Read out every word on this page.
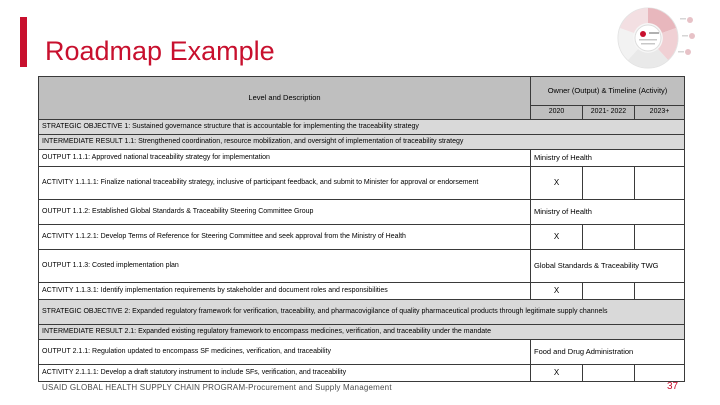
Roadmap Example
Level and Description	Owner (Output) & Timeline (Activity)		
	2020	2021- 2022	2023+
STRATEGIC OBJECTIVE 1: Sustained governance structure that is accountable for implementing the traceability strategy			
INTERMEDIATE RESULT 1.1: Strengthened coordination, resource mobilization, and oversight of implementation of traceability strategy			
OUTPUT 1.1.1: Approved national traceability strategy for implementation	Ministry of Health		
ACTIVITY 1.1.1.1: Finalize national traceability strategy, inclusive of participant feedback, and submit to Minister for approval or endorsement	X		
OUTPUT 1.1.2: Established Global Standards & Traceability Steering Committee Group	Ministry of Health		
ACTIVITY 1.1.2.1: Develop Terms of Reference for Steering Committee and seek approval from the Ministry of Health	X		
OUTPUT 1.1.3: Costed implementation plan	Global Standards & Traceability TWG		
ACTIVITY 1.1.3.1: Identify implementation requirements by stakeholder and document roles and responsibilities	X		
STRATEGIC OBJECTIVE 2: Expanded regulatory framework for verification, traceability, and pharmacovigilance of quality pharmaceutical products through legitimate supply channels			
INTERMEDIATE RESULT 2.1: Expanded existing regulatory framework to encompass medicines, verification, and traceability under the mandate			
OUTPUT 2.1.1: Regulation updated to encompass SF medicines, verification, and traceability	Food and Drug Administration		
ACTIVITY 2.1.1.1: Develop a draft statutory instrument to include SFs, verification, and traceability	X		
USAID GLOBAL HEALTH SUPPLY CHAIN PROGRAM-Procurement and Supply Management	37
